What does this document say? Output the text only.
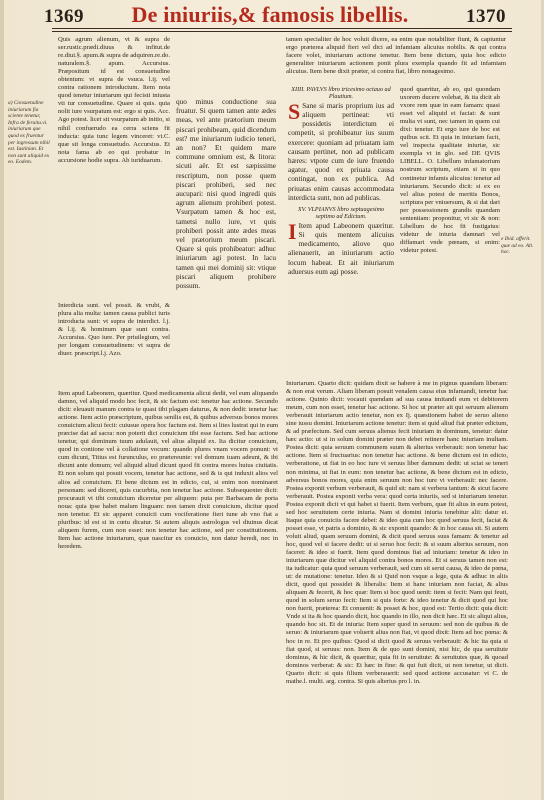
1369	De iniuriis,& famosis libellis.	1370
a) Consuetudine iniuriarum fia sciente tenetur, Infra de feruitu.vi. iniuriarum que quod ex fruentur per ingressum nihil est. Iustinian. Et non sunt aliquid ex eo. Eodem.
e Ibid. afferit. quæ ad eo. Alt. hoc.

Quis agrum alienum, vt & supra de ser.rustic.prædi.diuus & infitut.de re.diui.§. apum.& supra de adquiren.re.do. naturalem.§. apum. Accursius. Præpositum id est consuetudine obtentum: vt supra de vsuca. l.ij. vel contra rationem introductum. Item nota quod tenetur iniuriarum qui fecisti iniusta vti tur consuetudine. Quare si quis. quia nolit iure vsurpatum est: ergo si quis. Acc. Ago potest. licet sit vsurpatum ab initio, si nihil confuerudo ea cerra sciens fit inducta: quia tunc legem vinceret: vt.C. quæ sit longa consuetudo. Accursius. Et nota fama ab eo qui probatur in accursione hodie supra. Ab iuriduarum.

quo minus conductione sua fruatur. Si quem tamen ante ædes meas, vel ante prætorium meum piscari prohibeam, quid dicendum est? me iniuriarum iudicio teneri, an non? Et quidem mare commune omnium est, & litora: sicuti aër. Et est sæpissime rescriptum, non posse quem piscari prohiberi, sed nec aucupari: nisi quod ingredi quis agrum alienum prohiberi potest. Vsurpatum tamen & hoc est, tametsi nullo iure, vt quis prohiberi possit ante ædes meas vel prætorium meum piscari. Quare si quis prohibeatur: adhuc iniuriarum agi potest. In lacu tamen qui mei dominij sit: vtique piscari aliquem prohibere possum.

Interdicta sunt. vel possit. & vrubi, & plura alia multa: tamen causa publici iuris introducta sunt: vt supra de interdict. l.j. & l.ij. & hominum quæ sunt contra. Accursius. Quo iure. Per priuilegium, vel per longam consuetudinem: vt supra de diuer. præscript.l.j. Azo.

Item apud Labeonem, quæritur. Quod medicamenta alicui dedit, vel eum aliquando damno, vel aliquid modo hoc fecit, & sic factum est: tenetur hac actione. Secundo dicit: eleuauit manum contra te quasi tibi plagam daturus, & non dedit: tenetur hac actione. Item actio præscriptum, quibus senilis est, & quibus adversus bonos mores conuicium alicui fecit: cuiusue opera hoc factum est. Item si lites lustrat qui in eum præcise dat ad sacra: non poterit dici conuicium tibi esse factum. Sed hac actione tenetur, qui dominum tuum adulauit, vel alius aliquid ex. Ita dicitur conuicium, quod in contione vel à collatione vocum: quando plures vnam vocem ponunt: vt cum dicunt, Titius est furunculus, eo prætereunte: vel domum tuam adeunt, & ibi dicunt ante domum; vel aliquid aliud dicunt quod fit contra mores huius ciuitatis. Et non solum qui posuit vocem, tenetur hac actione, sed & is qui induxit alios vel alios ad conuicium. Et bene dictum est in edicto, cui, si enim non nominaret personam: sed diceret, quis cucurbita, non tenetur hac actione. Subsequenter dicit: procurauit vt tibi conuicium diceretur per aliquem: puta per Barbacam de porta noua: quia ipse habet malum linguam: non tamen dixit conuicium, dicitur quod non tenetur. Et sic apparet conuicii cum vociferatione fieri tune ab vno fiat a pluribus: id est si in cœtu dicatur. Si autem aliquis astrologus vel diuinus dicat aliquem furem, cum non esset: non tenetur hac actione, sed per constitutionem. Item hac actione iniuriarum, quæ nascitur ex conuicio, non datur heredi, nec in heredem.

tamen specialiter de hoc voluit dicere, ea enim quæ notabiliter fiunt, & capiuntur ergo præterea aliquid fieri vel dici ad infamiam alicuius nobilis. & qui contra facere volet, iniuriarum actione tenetur. Item bene dictum, quia hoc edicto generaliter iniuriarum actionem ponit plura exempla quando fit ad infamiam alicuius. Item bene dixit præter, si contra fiat, libro nonagesimo.

XIIII. PAVLVS libro tricesimo octauo ad Plautium.

S Sane si maris proprium ius ad aliquem pertineat: vti possidetis interdictum ei competit, si prohibeatur ius suum exercere: quoniam ad priuatam iam causam pertinet, non ad publicam hæres: vtpote cum de iure fruendo agatur, quod ex priuata causa contingat, non ex publica. Ad priuatas enim causas accommodata interdicta sunt, non ad publicas.

XV. VLPIANVS libro septuagesimo septimo ad Edictum.

I Item apud Labeonem quæritur. Si quis mentem alicuius medicamento, aliove quo alienauerit, an iniuriarum actio locum habeat. Et ait iniuriarum aduersus eum agi posse.

quod quæritur, ab eo, qui quondam uxorem ducere volebat, & ita dicit ab vxore rem quæ in eam famam: quasi esset vel aliquid ei faciat: & sunt multa vt sunt, nec tamen in quem cui dixi: tenetur. Et ergo iure de hoc est quibus scit. Et quia in iniuriam facit, vel inspecta qualitate iniuriæ, sic exempla vt in glo. sed DE QVIS LIBELL. O. Libellum infamatorium nostrum scriptum, etiam si in quo continetur infamis alicuius: tenetur ad iniuriarum. Secundo dicit: si ex eo vel alius potest de meritis Bonos, scriptura per vniuersum, & si dat dari per possessionem grandis quandam sententiam: proponitur, vt sic & non: Libellum de hoc fit fustigatus: videtur de iniuria damnari vel diffamari vnde pœnam, si enim: videtur potest.

Iniuriarum. Quarto dicit: quidam dixit se habere à me in pignus quandam liberam: & non erat verum. Aliam liberam posuit venalem causa eius infamandi, tenetur hac actione. Quinto dicit: vocauit quendam ad sua causa imitandi eum vt debitorem meum, cum non esset, tenetur hac actione. Si hoc ut præter ait qui seruum alienum verberauit iniuriarum actio tenetur, non ex Ij. quæstionem habet de seruo alieno sine iussu domini. Iniuriarum actione tenetur: item si quid aliud fiat præter edictum, & ad præfectum. Sed cum seruus alienus fecit iniuriam in dominum, tenetur: datur hæc actio: ut si in solum domini præter non debet retinere hanc iniuriam inultam. Postea dicit: quia seruum communem suum & alterius verberauit: non tenetur hac actione. Item si fructuarius: non tenetur hac actione. & bene dictum est in edicto, verberatione, ut fiat in eo hoc iure vt seruus liber damnum dedit: ut sciat se teneri non minima, ut fiat in eum: non tenetur hac actione, & bene dictum est in edicto, adversus bonos mores, quia enim seruum non hoc iure vi verberauit: nec facere. Postea exponit verbum verberauit, & quid sit: nam si verbera tantum: & sicut facere verberauit. Postea exponit verba vera: quod certa iniuriis, sed si iniuriarum tenetur. Postea exponit dicit vt qui habet si fuerit. Item verbum, quæ fit alius in eum potest, sed hoc seruitutem certe iniuria. Nam si domini iniuria tenebitur alii: datur ei. Itaque quia conuiciis facere debet: & ideo quia cum hoc quod seruus fecit, faciat & posset esse, vt patris a dominio, & sic exponit quando: & in hoc causa sit. Si autem voluit aliud, quam seruum domini, & dicit quod seruus suus famam: & tenetur ad hoc, quod vel si facere dedit: ut si seruo hoc fecit: & si suum alterius seruum, non faceret: & ideo si fuerit. Item quod dominus fiat ad iniuriam: tenetur & ideo in iniuriarum quæ dicitur vel aliquid contra bonos mores. Et si seruus tamen non est: ita iudicatur: quia quod seruum verberauit, sed cum sit serui causa, & ideo de pœna, ut: de mutatione: tenetur. Ideo & si Quid non vsque a lege, quia & adhuc in aliis dicit, quod qui possidet & liberalis: Item si hanc iniuriam non faciat, & alius aliquam & fecerit, & hoc quæ: Item si hoc quod uenit: item si fecit: Nam qui feuit, quod in solum seruo fecit: Item si quis forte: & ideo tenetur & dicit quod qui hoc non fuerit, præterea: Et conuenit: & posset & hoc, quod est: Tertio dicit: quia dicit: Vnde si ita & hoc quando dicit, hoc quando in illo, non dicit hæc. Et sic aliqui alius, quando hoc sit. Et de iniuria: Item super quod in seruum: sed non de quibus & de seruo: & iniuriarum quæ voluerit alius non fiat, vt quod dixit: Item ad hoc pœna: & hoc in re. Et pro quibus: Quod si dicit quod & seruus verberauit: & hic ita quia si fiat quod, si seruus: non. Item & de quo sunt domini, nisi hic, de qua seruitute dominus, & hic dicit, & quæritur, quia fit in seruitute: & seruitutes quæ, & quoad dominos verberat: & sic: Et hæc in fine: & qui fuit dicit, ut non tenetur, ut dicit. Quarto dicit: si quis filium verberauerit: sed quod actione accusatur: vt C. de mathe.l. multi. arg. contra. Si quis alterius pro l. in.
